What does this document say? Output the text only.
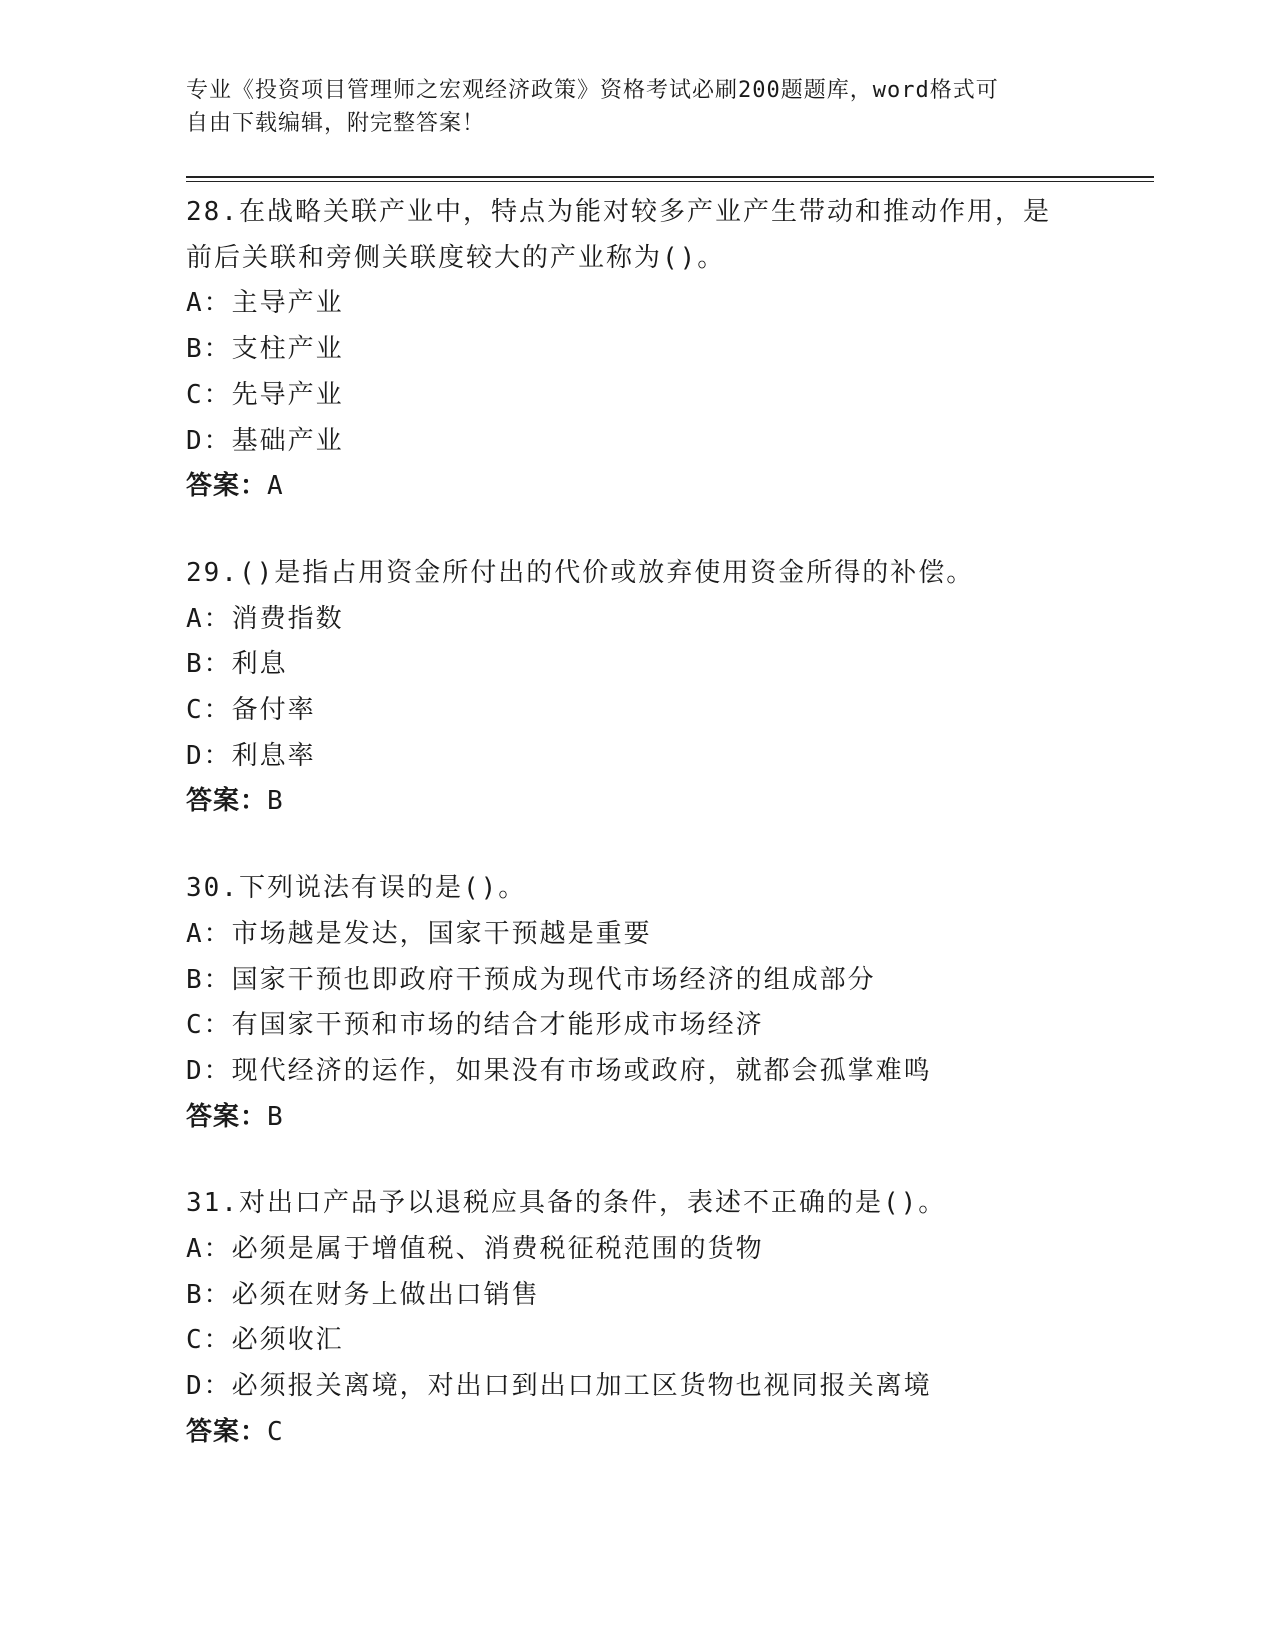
专业《投资项目管理师之宏观经济政策》资格考试必刷200题题库，word格式可
自由下载编辑，附完整答案！
28.在战略关联产业中，特点为能对较多产业产生带动和推动作用，是
前后关联和旁侧关联度较大的产业称为()。
A：主导产业
B：支柱产业
C：先导产业
D：基础产业
答案：A
29.()是指占用资金所付出的代价或放弃使用资金所得的补偿。
A：消费指数
B：利息
C：备付率
D：利息率
答案：B
30.下列说法有误的是()。
A：市场越是发达，国家干预越是重要
B：国家干预也即政府干预成为现代市场经济的组成部分
C：有国家干预和市场的结合才能形成市场经济
D：现代经济的运作，如果没有市场或政府，就都会孤掌难鸣
答案：B
31.对出口产品予以退税应具备的条件，表述不正确的是()。
A：必须是属于增值税、消费税征税范围的货物
B：必须在财务上做出口销售
C：必须收汇
D：必须报关离境，对出口到出口加工区货物也视同报关离境
答案：C
